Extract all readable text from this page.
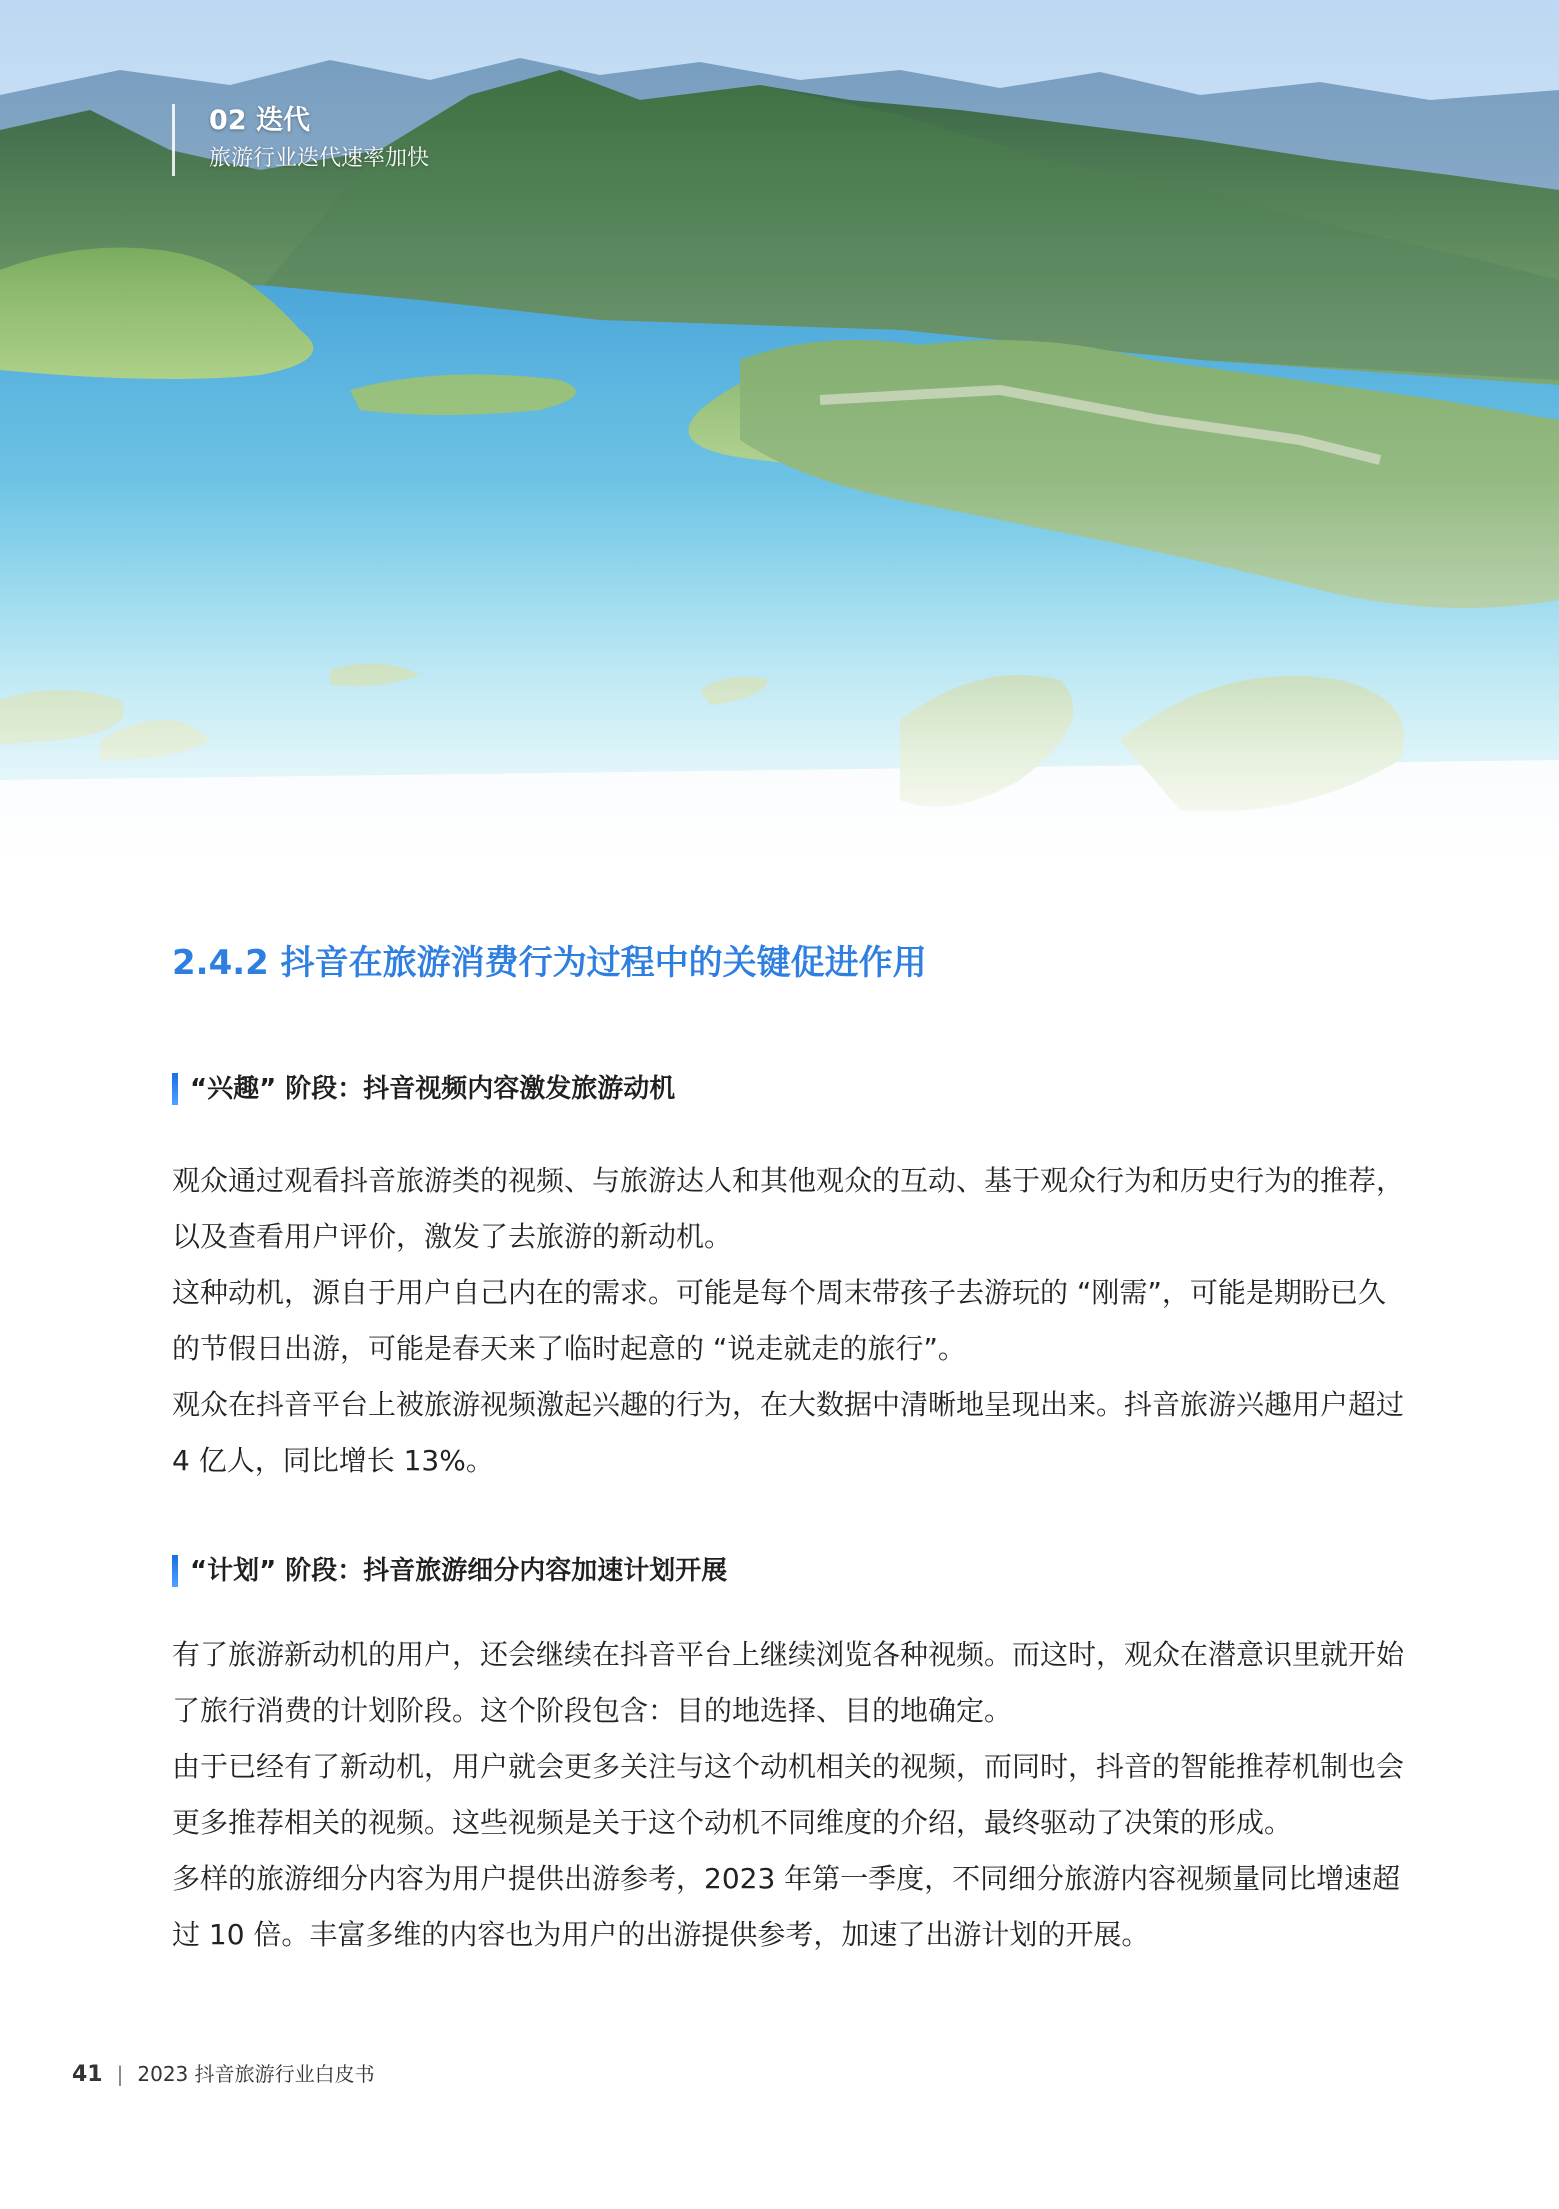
02 迭代
旅游行业迭代速率加快
2.4.2 抖音在旅游消费行为过程中的关键促进作用
“兴趣” 阶段：抖音视频内容激发旅游动机

观众通过观看抖音旅游类的视频、与旅游达人和其他观众的互动、基于观众行为和历史行为的推荐，以及查看用户评价，激发了去旅游的新动机。

这种动机，源自于用户自己内在的需求。可能是每个周末带孩子去游玩的 “刚需”，可能是期盼已久的节假日出游，可能是春天来了临时起意的 “说走就走的旅行”。

观众在抖音平台上被旅游视频激起兴趣的行为，在大数据中清晰地呈现出来。抖音旅游兴趣用户超过 4 亿人，同比增长 13%。

“计划” 阶段：抖音旅游细分内容加速计划开展

有了旅游新动机的用户，还会继续在抖音平台上继续浏览各种视频。而这时，观众在潜意识里就开始了旅行消费的计划阶段。这个阶段包含：目的地选择、目的地确定。

由于已经有了新动机，用户就会更多关注与这个动机相关的视频，而同时，抖音的智能推荐机制也会更多推荐相关的视频。这些视频是关于这个动机不同维度的介绍，最终驱动了决策的形成。

多样的旅游细分内容为用户提供出游参考，2023 年第一季度，不同细分旅游内容视频量同比增速超过 10 倍。丰富多维的内容也为用户的出游提供参考，加速了出游计划的开展。

41 | 2023 抖音旅游行业白皮书
